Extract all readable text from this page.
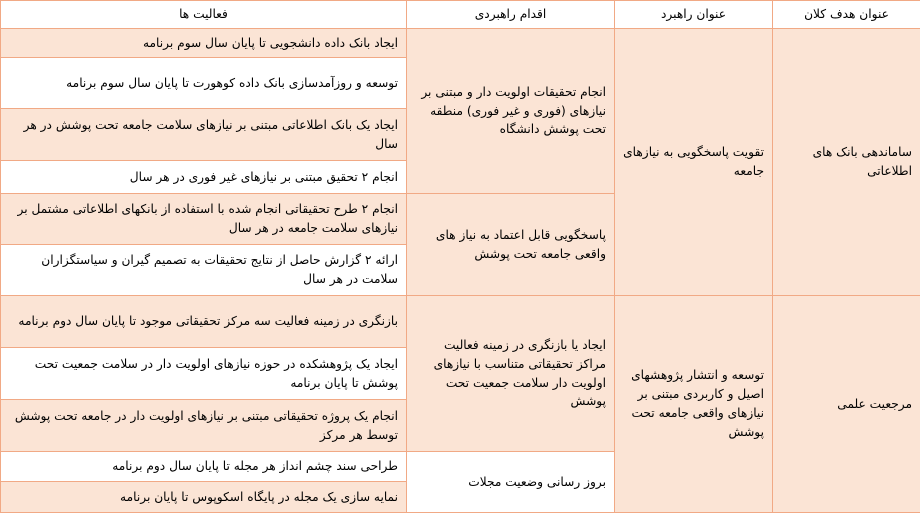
عنوان هدف کلان	عنوان راهبرد	اقدام راهبردی	فعالیت ها
ساماندهی بانک های اطلاعاتی	تقویت پاسخگویی به نیازهای جامعه	انجام تحقیقات اولویت دار و مبتنی بر نیازهای (فوری و غیر فوری) منطقه تحت پوشش دانشگاه	ایجاد بانک داده دانشجویی تا پایان سال سوم برنامه
			توسعه و روزآمدسازی بانک داده کوهورت تا پایان سال سوم برنامه
			ایجاد یک بانک اطلاعاتی مبتنی بر نیازهای سلامت جامعه تحت پوشش در هر سال
			انجام ۲ تحقیق مبتنی بر نیازهای غیر فوری در هر سال
		پاسخگویی قابل اعتماد به نیاز های واقعی جامعه تحت پوشش	انجام ۲ طرح تحقیقاتی انجام شده با استفاده از بانکهای اطلاعاتی مشتمل بر نیازهای سلامت جامعه در هر سال
			ارائه ۲ گزارش حاصل از نتایج تحقیقات به تصمیم گیران و سیاستگزاران سلامت در هر سال
مرجعیت علمی	توسعه و انتشار پژوهشهای اصیل و کاربردی مبتنی بر نیازهای واقعی جامعه تحت پوشش	ایجاد یا بازنگری در زمینه فعالیت مراکز تحقیقاتی متناسب با نیازهای اولویت دار سلامت جمعیت تحت پوشش	بازنگری در زمینه فعالیت سه مرکز تحقیقاتی موجود تا پایان سال دوم برنامه
			ایجاد یک پژوهشکده در حوزه نیازهای اولویت دار در سلامت جمعیت تحت پوشش تا پایان برنامه
			انجام یک پروژه تحقیقاتی مبتنی بر نیازهای اولویت دار در جامعه تحت پوشش توسط هر مرکز
		بروز رسانی وضعیت مجلات	طراحی سند چشم انداز هر مجله تا پایان سال دوم برنامه
			نمایه سازی یک مجله در پایگاه اسکوپوس تا پایان برنامه
